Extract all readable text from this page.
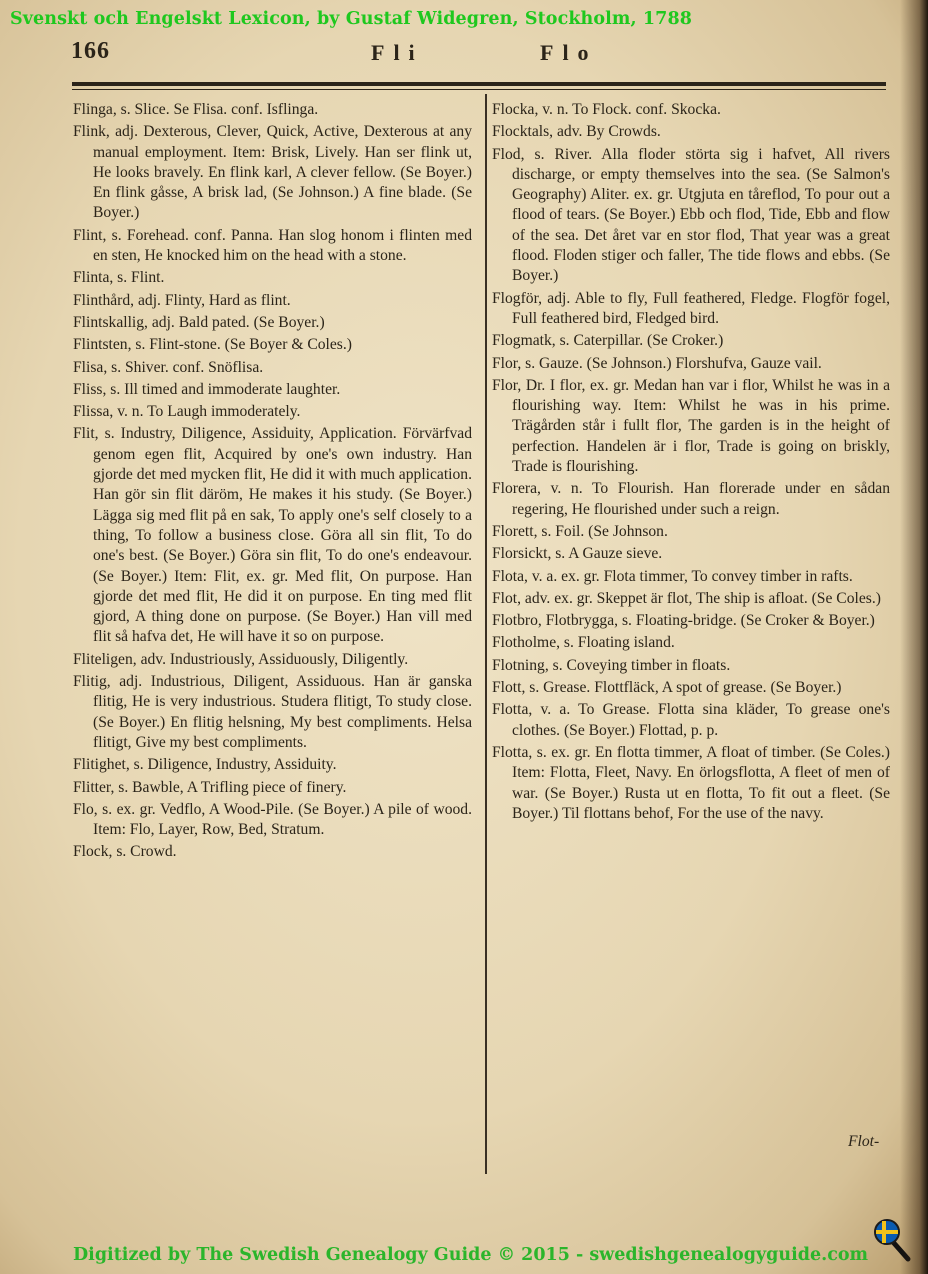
Svenskt och Engelskt Lexicon, by Gustaf Widegren, Stockholm, 1788
166	Fli	Flo
Flinga, s. Slice. Se Flisa. conf. Isflinga.
Flink, adj. Dexterous, Clever, Quick, Active, Dexterous at any manual employment. Item: Brisk, Lively. Han ser flink ut, He looks bravely. En flink karl, A clever fellow. (Se Boyer.) En flink gåsse, A brisk lad, (Se Johnson.) A fine blade. (Se Boyer.)
Flint, s. Forehead. conf. Panna. Han slog honom i flinten med en sten, He knocked him on the head with a stone.
Flinta, s. Flint.
Flinthård, adj. Flinty, Hard as flint.
Flintskallig, adj. Bald pated. (Se Boyer.)
Flintsten, s. Flint-stone. (Se Boyer & Coles.)
Flisa, s. Shiver. conf. Snöflisa.
Fliss, s. Ill timed and immoderate laughter.
Flissa, v. n. To Laugh immoderately.
Flit, s. Industry, Diligence, Assiduity, Application. Förvärfvad genom egen flit, Acquired by one's own industry. Han gjorde det med mycken flit, He did it with much application. Han gör sin flit däröm, He makes it his study. (Se Boyer.) Lägga sig med flit på en sak, To apply one's self closely to a thing, To follow a business close. Göra all sin flit, To do one's best. (Se Boyer.) Göra sin flit, To do one's endeavour. (Se Boyer.) Item: Flit, ex. gr. Med flit, On purpose. Han gjorde det med flit, He did it on purpose. En ting med flit gjord, A thing done on purpose. (Se Boyer.) Han vill med flit så hafva det, He will have it so on purpose.
Fliteligen, adv. Industriously, Assiduously, Diligently.
Flitig, adj. Industrious, Diligent, Assiduous. Han är ganska flitig, He is very industrious. Studera flitigt, To study close. (Se Boyer.) En flitig helsning, My best compliments. Helsa flitigt, Give my best compliments.
Flitighet, s. Diligence, Industry, Assiduity.
Flitter, s. Bawble, A Trifling piece of finery.
Flo, s. ex. gr. Vedflo, A Wood-Pile. (Se Boyer.) A pile of wood. Item: Flo, Layer, Row, Bed, Stratum.
Flock, s. Crowd.
Flocka, v. n. To Flock. conf. Skocka.
Flocktals, adv. By Crowds.
Flod, s. River. Alla floder störta sig i hafvet, All rivers discharge, or empty themselves into the sea. (Se Salmon's Geography) Aliter. ex. gr. Utgjuta en tåreflod, To pour out a flood of tears. (Se Boyer.) Ebb och flod, Tide, Ebb and flow of the sea. Det året var en stor flod, That year was a great flood. Floden stiger och faller, The tide flows and ebbs. (Se Boyer.)
Flogför, adj. Able to fly, Full feathered, Fledge. Flogför fogel, Full feathered bird, Fledged bird.
Flogmatk, s. Caterpillar. (Se Croker.)
Flor, s. Gauze. (Se Johnson.) Florshufva, Gauze vail.
Flor, Dr. I flor, ex. gr. Medan han var i flor, Whilst he was in a flourishing way. Item: Whilst he was in his prime. Trägården står i fullt flor, The garden is in the height of perfection. Handelen är i flor, Trade is going on briskly, Trade is flourishing.
Florera, v. n. To Flourish. Han florerade under en sådan regering, He flourished under such a reign.
Florett, s. Foil. (Se Johnson.
Florsickt, s. A Gauze sieve.
Flota, v. a. ex. gr. Flota timmer, To convey timber in rafts.
Flot, adv. ex. gr. Skeppet är flot, The ship is afloat. (Se Coles.)
Flotbro, Flotbrygga, s. Floating-bridge. (Se Croker & Boyer.)
Flotholme, s. Floating island.
Flotning, s. Coveying timber in floats.
Flott, s. Grease. Flottfläck, A spot of grease. (Se Boyer.)
Flotta, v. a. To Grease. Flotta sina kläder, To grease one's clothes. (Se Boyer.) Flottad, p. p.
Flotta, s. ex. gr. En flotta timmer, A float of timber. (Se Coles.) Item: Flotta, Fleet, Navy. En örlogsflotta, A fleet of men of war. (Se Boyer.) Rusta ut en flotta, To fit out a fleet. (Se Boyer.) Til flottans behof, For the use of the navy.
Flot-
Digitized by The Swedish Genealogy Guide © 2015 - swedishgenealogyguide.com
